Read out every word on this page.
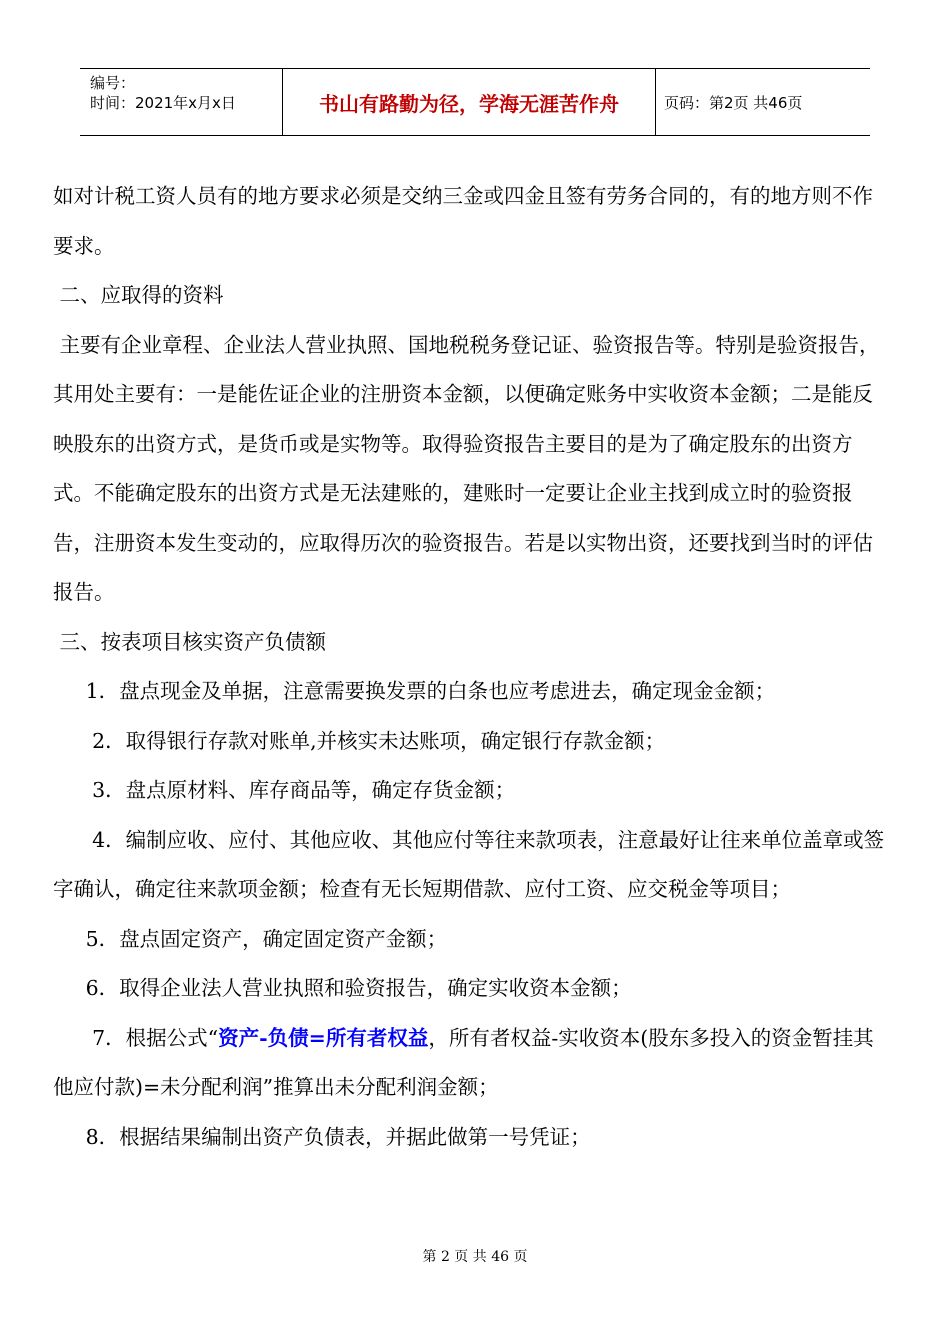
编号：
时间：2021年x月x日	书山有路勤为径，学海无涯苦作舟	页码：第2页 共46页

如对计税工资人员有的地方要求必须是交纳三金或四金且签有劳务合同的，有的地方则不作要求。

二、应取得的资料

主要有企业章程、企业法人营业执照、国地税税务登记证、验资报告等。特别是验资报告，其用处主要有：一是能佐证企业的注册资本金额，以便确定账务中实收资本金额；二是能反映股东的出资方式，是货币或是实物等。取得验资报告主要目的是为了确定股东的出资方式。不能确定股东的出资方式是无法建账的，建账时一定要让企业主找到成立时的验资报告，注册资本发生变动的，应取得历次的验资报告。若是以实物出资，还要找到当时的评估报告。

三、按表项目核实资产负债额

1．盘点现金及单据，注意需要换发票的白条也应考虑进去，确定现金金额；

2．取得银行存款对账单,并核实未达账项，确定银行存款金额；

3．盘点原材料、库存商品等，确定存货金额；

4．编制应收、应付、其他应收、其他应付等往来款项表，注意最好让往来单位盖章或签字确认，确定往来款项金额；检查有无长短期借款、应付工资、应交税金等项目；

5．盘点固定资产，确定固定资产金额；

6．取得企业法人营业执照和验资报告，确定实收资本金额；

7．根据公式“资产-负债=所有者权益，所有者权益-实收资本(股东多投入的资金暂挂其他应付款)=未分配利润”推算出未分配利润金额；

8．根据结果编制出资产负债表，并据此做第一号凭证；

第 2 页 共 46 页
